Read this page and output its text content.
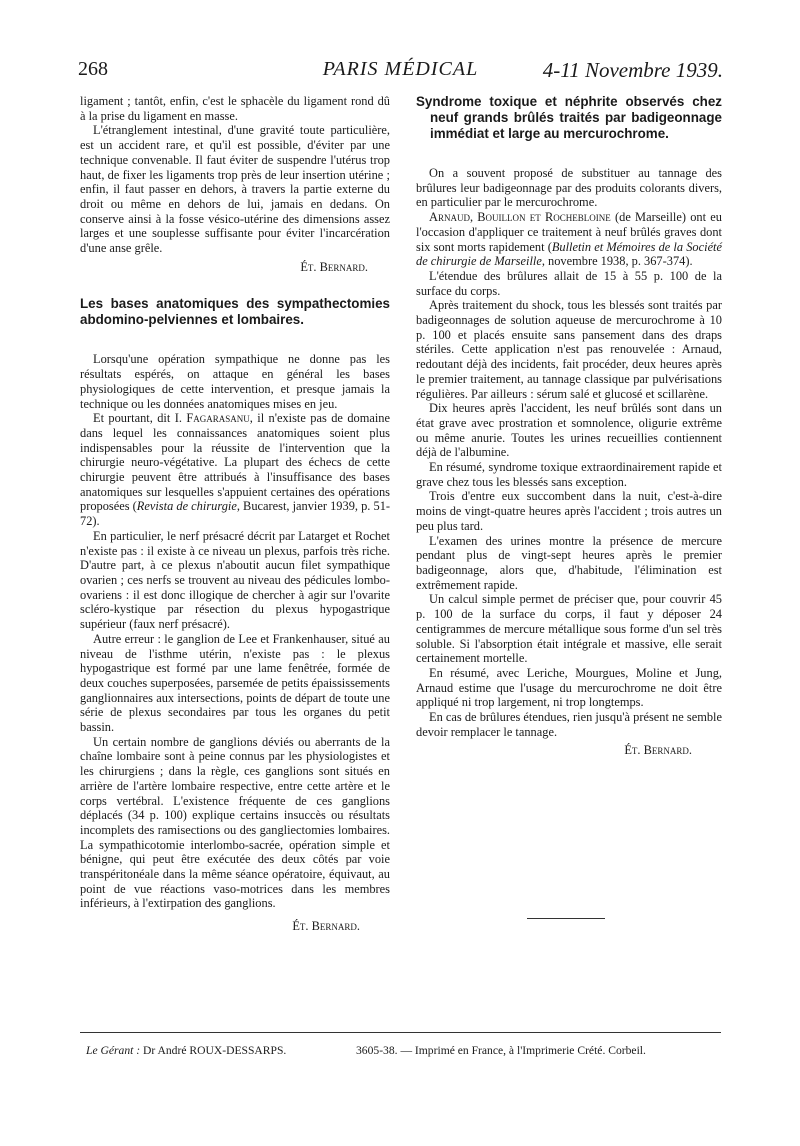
268	PARIS MÉDICAL	4-11 Novembre 1939.

ligament ; tantôt, enfin, c'est le sphacèle du ligament rond dû à la prise du ligament en masse.

L'étranglement intestinal, d'une gravité toute particulière, est un accident rare, et qu'il est possible, d'éviter par une technique convenable. Il faut éviter de suspendre l'utérus trop haut, de fixer les ligaments trop près de leur insertion utérine ; enfin, il faut passer en dehors, à travers la partie externe du droit ou même en dehors de lui, jamais en dedans. On conserve ainsi à la fosse vésico-utérine des dimensions assez larges et une souplesse suffisante pour éviter l'incarcération d'une anse grêle.

Ét. Bernard.
Les bases anatomiques des sympathectomies abdomino-pelviennes et lombaires.

Lorsqu'une opération sympathique ne donne pas les résultats espérés, on attaque en général les bases physiologiques de cette intervention, et presque jamais la technique ou les données anatomiques mises en jeu.

Et pourtant, dit I. Fagarasanu, il n'existe pas de domaine dans lequel les connaissances anatomiques soient plus indispensables pour la réussite de l'intervention que la chirurgie neuro-végétative. La plupart des échecs de cette chirurgie peuvent être attribués à l'insuffisance des bases anatomiques sur lesquelles s'appuient certaines des opérations proposées (Revista de chirurgie, Bucarest, janvier 1939, p. 51-72).

En particulier, le nerf présacré décrit par Latarget et Rochet n'existe pas : il existe à ce niveau un plexus, parfois très riche. D'autre part, à ce plexus n'aboutit aucun filet sympathique ovarien ; ces nerfs se trouvent au niveau des pédicules lombo-ovariens : il est donc illogique de chercher à agir sur l'ovarite scléro-kystique par résection du plexus hypogastrique supérieur (faux nerf présacré).

Autre erreur : le ganglion de Lee et Frankenhauser, situé au niveau de l'isthme utérin, n'existe pas : le plexus hypogastrique est formé par une lame fenêtrée, formée de deux couches superposées, parsemée de petits épaississements ganglionnaires aux intersections, points de départ de toute une série de plexus secondaires par tous les organes du petit bassin.

Un certain nombre de ganglions déviés ou aberrants de la chaîne lombaire sont à peine connus par les physiologistes et les chirurgiens ; dans la règle, ces ganglions sont situés en arrière de l'artère lombaire respective, entre cette artère et le corps vertébral. L'existence fréquente de ces ganglions déplacés (34 p. 100) explique certains insuccès ou résultats incomplets des ramisections ou des gangliectomies lombaires. La sympathicotomie interlombo-sacrée, opération simple et bénigne, qui peut être exécutée des deux côtés par voie transpéritonéale dans la même séance opératoire, équivaut, au point de vue réactions vaso-motrices dans les membres inférieurs, à l'extirpation des ganglions.

Ét. Bernard.
Syndrome toxique et néphrite observés chez neuf grands brûlés traités par badigeonnage immédiat et large au mercurochrome.

On a souvent proposé de substituer au tannage des brûlures leur badigeonnage par des produits colorants divers, en particulier par le mercurochrome.

Arnaud, Bouillon et Rochebloine (de Marseille) ont eu l'occasion d'appliquer ce traitement à neuf brûlés graves dont six sont morts rapidement (Bulletin et Mémoires de la Société de chirurgie de Marseille, novembre 1938, p. 367-374).

L'étendue des brûlures allait de 15 à 55 p. 100 de la surface du corps.

Après traitement du shock, tous les blessés sont traités par badigeonnages de solution aqueuse de mercurochrome à 10 p. 100 et placés ensuite sans pansement dans des draps stériles. Cette application n'est pas renouvelée : Arnaud, redoutant déjà des incidents, fait procéder, deux heures après le premier traitement, au tannage classique par pulvérisations régulières. Par ailleurs : sérum salé et glucosé et scillarène.

Dix heures après l'accident, les neuf brûlés sont dans un état grave avec prostration et somnolence, oligurie extrême ou même anurie. Toutes les urines recueillies contiennent déjà de l'albumine.

En résumé, syndrome toxique extraordinairement rapide et grave chez tous les blessés sans exception.

Trois d'entre eux succombent dans la nuit, c'est-à-dire moins de vingt-quatre heures après l'accident ; trois autres un peu plus tard.

L'examen des urines montre la présence de mercure pendant plus de vingt-sept heures après le premier badigeonnage, alors que, d'habitude, l'élimination est extrêmement rapide.

Un calcul simple permet de préciser que, pour couvrir 45 p. 100 de la surface du corps, il faut y déposer 24 centigrammes de mercure métallique sous forme d'un sel très soluble. Si l'absorption était intégrale et massive, elle serait certainement mortelle.

En résumé, avec Leriche, Mourgues, Moline et Jung, Arnaud estime que l'usage du mercurochrome ne doit être appliqué ni trop largement, ni trop longtemps.

En cas de brûlures étendues, rien jusqu'à présent ne semble devoir remplacer le tannage.

Ét. Bernard.
Le Gérant : Dr André ROUX-DESSARPS.	3605-38. — Imprimé en France, à l'Imprimerie Crété. Corbeil.
